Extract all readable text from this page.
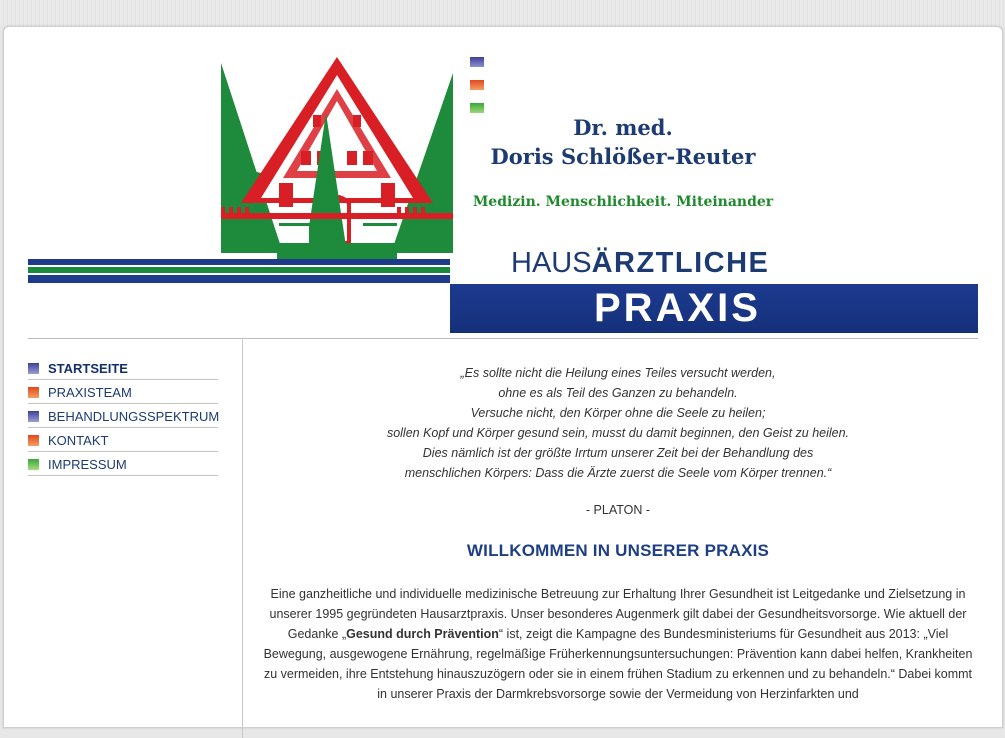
Dr. med.
Doris Schlößer-Reuter
Medizin. Menschlichkeit. Miteinander
HAUSÄRZTLICHE
PRAXIS
STARTSEITE
PRAXISTEAM
BEHANDLUNGSSPEKTRUM
KONTAKT
IMPRESSUM
„Es sollte nicht die Heilung eines Teiles versucht werden,
ohne es als Teil des Ganzen zu behandeln.
Versuche nicht, den Körper ohne die Seele zu heilen;
sollen Kopf und Körper gesund sein, musst du damit beginnen, den Geist zu heilen.
Dies nämlich ist der größte Irrtum unserer Zeit bei der Behandlung des
menschlichen Körpers: Dass die Ärzte zuerst die Seele vom Körper trennen.“
- PLATON -
WILLKOMMEN IN UNSERER PRAXIS

Eine ganzheitliche und individuelle medizinische Betreuung zur Erhaltung Ihrer Gesundheit ist Leitgedanke und Zielsetzung in unserer 1995 gegründeten Hausarztpraxis. Unser besonderes Augenmerk gilt dabei der Gesundheitsvorsorge. Wie aktuell der Gedanke „Gesund durch Prävention“ ist, zeigt die Kampagne des Bundesministeriums für Gesundheit aus 2013: „Viel Bewegung, ausgewogene Ernährung, regelmäßige Früherkennungsuntersuchungen: Prävention kann dabei helfen, Krankheiten zu vermeiden, ihre Entstehung hinauszuzögern oder sie in einem frühen Stadium zu erkennen und zu behandeln.“ Dabei kommt in unserer Praxis der Darmkrebsvorsorge sowie der Vermeidung von Herzinfarkten und
